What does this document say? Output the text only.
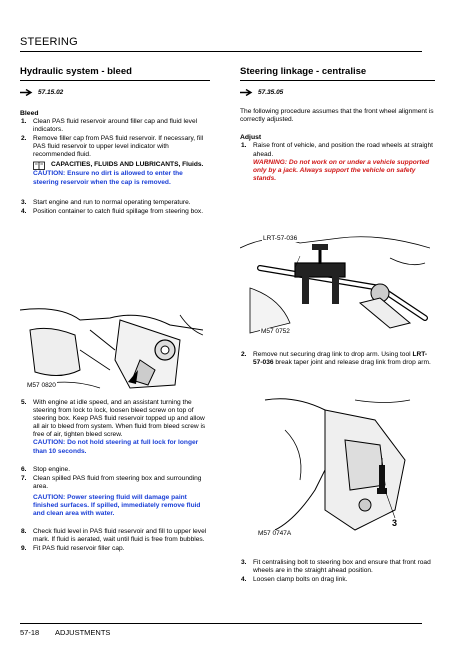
STEERING
Hydraulic system - bleed
57.15.02
Bleed
1. Clean PAS fluid reservoir around filler cap and fluid level indicators.
2. Remove filler cap from PAS fluid reservoir. If necessary, fill PAS fluid reservoir to upper level indicator with recommended fluid.
CAPACITIES, FLUIDS AND LUBRICANTS, Fluids.
CAUTION: Ensure no dirt is allowed to enter the steering reservoir when the cap is removed.
3. Start engine and run to normal operating temperature.
4. Position container to catch fluid spillage from steering box.
M57 0820
5. With engine at idle speed, and an assistant turning the steering from lock to lock, loosen bleed screw on top of steering box. Keep PAS fluid reservoir topped up and allow all air to bleed from system. When fluid from bleed screw is free of air, tighten bleed screw.
CAUTION: Do not hold steering at full lock for longer than 10 seconds.
6. Stop engine.
7. Clean spilled PAS fluid from steering box and surrounding area.
CAUTION: Power steering fluid will damage paint finished surfaces. If spilled, immediately remove fluid and clean area with water.
8. Check fluid level in PAS fluid reservoir and fill to upper level mark. If fluid is aerated, wait until fluid is free from bubbles.
9. Fit PAS fluid reservoir filler cap.
Steering linkage - centralise
57.35.05
The following procedure assumes that the front wheel alignment is correctly adjusted.
Adjust
1. Raise front of vehicle, and position the road wheels at straight ahead.
WARNING: Do not work on or under a vehicle supported only by a jack. Always support the vehicle on safety stands.
LRT-57-036
M57 0752
2. Remove nut securing drag link to drop arm. Using tool LRT-57-036 break taper joint and release drag link from drop arm.
3
M57 0747A
3. Fit centralising bolt to steering box and ensure that front road wheels are in the straight ahead position.
4. Loosen clamp bolts on drag link.
57-18 ADJUSTMENTS
